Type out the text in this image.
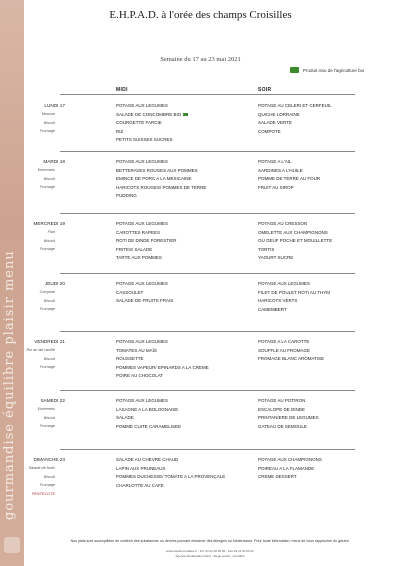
gourmandise équilibre plaisir menu
E.H.P.A.D. à l'orée des champs Croisilles
Semaine du 17 au 23 mai 2021
Produit issu de l'agriculture bio
MIDI	SOIR
LUNDI 17
Mousse
Biscuit
Fromage
POTAGE AUX LEGUMES
SALADE DE CONCOMBRE BIO
COURGETTE FARCIE
RIZ
PETITS SUISSES SUCRES
POTAGE AU CELERI ET CERFEUIL
QUICHE LORRAINE
SALADE VERTE
COMPOTE
MARDI 18
Entremets
Biscuit
Fromage
POTAGE AUX LEGUMES
BETTERAVES ROUGES AUX POMMES
EMINCE DE PORC A LA MEXICAINE
HARICOTS ROUGES/ POMMES DE TERRE
PUDDING
POTAGE A L'AIL
SARDINES A L'HUILE
POMME DE TERRE AU FOUR
FRUIT AU SIROP
MERCREDI 19
Flan
Biscuit
Fromage
POTAGE AUX LEGUMES
CAROTTES RAPEES
ROTI DE DINDE FORESTIER
FRITES/ SALADE
TARTE AUX POMMES
POTAGE AU CRESSON
OMELETTE AUX CHAMPIGNONS
OU OEUF POCHE ET MOUILLETTE
TORTIS
YAOURT SUCRE
JEUDI 20
Compote
Biscuit
Fromage
POTAGE AUX LEGUMES
CASSOULET
SALADE DE FRUITS FRAIS
POTAGE AUX LEGUMES
FILET DE POULET ROTI AU THYM
HARICOTS VERTS
CAMEMBERT
VENDREDI 21
Riz au lait vanillé
Biscuit
Fromage
POTAGE AUX LEGUMES
TOMATES AU MAÏS
ROUSSETTE
POMMES VAPEUR/ EPINARDS A LA CREME
POIRE AU CHOCOLAT
POTAGE A LA CAROTTE
SOUFFLE AU FROMAGE
FROMAGE BLANC AROMATISE
SAMEDI 22
Entremets
Biscuit
Fromage
POTAGE AUX LEGUMES
LASAGNE A LA BOLOGNAISE
SALADE
POMME CUITE CARAMELISEE
POTAGE AU POTIRON
ESCALOPE DE DINDE
PRINTANIERE DE LEGUMES
GATEAU DE SEMOULE
DIMANCHE 23
Salade de fruits
Biscuit
Fromage
PENTECOTE
SALADE AU CHEVRE CHAUD
LAPIN AUX PRUNEAUX
POMMES DUCHESSE/ TOMATE A LA PROVENÇALE
CHARLOTTE AU CAFE
POTAGE AUX CHAMPIGNONS
POIREAU A LA FLAMANDE
CREME DESSERT
Nos plats sont susceptibles de contenir des substances ou dérivés pouvant entraîner des allergies ou intolérances. Pour toute information, merci de vous rapprocher du gérant.
www.ehpad-croisilles.fr · Tél. 03 21 00 00 00 · Fax 03 21 00 00 01
Agence Restauration Nord · Siège social · Croisilles
